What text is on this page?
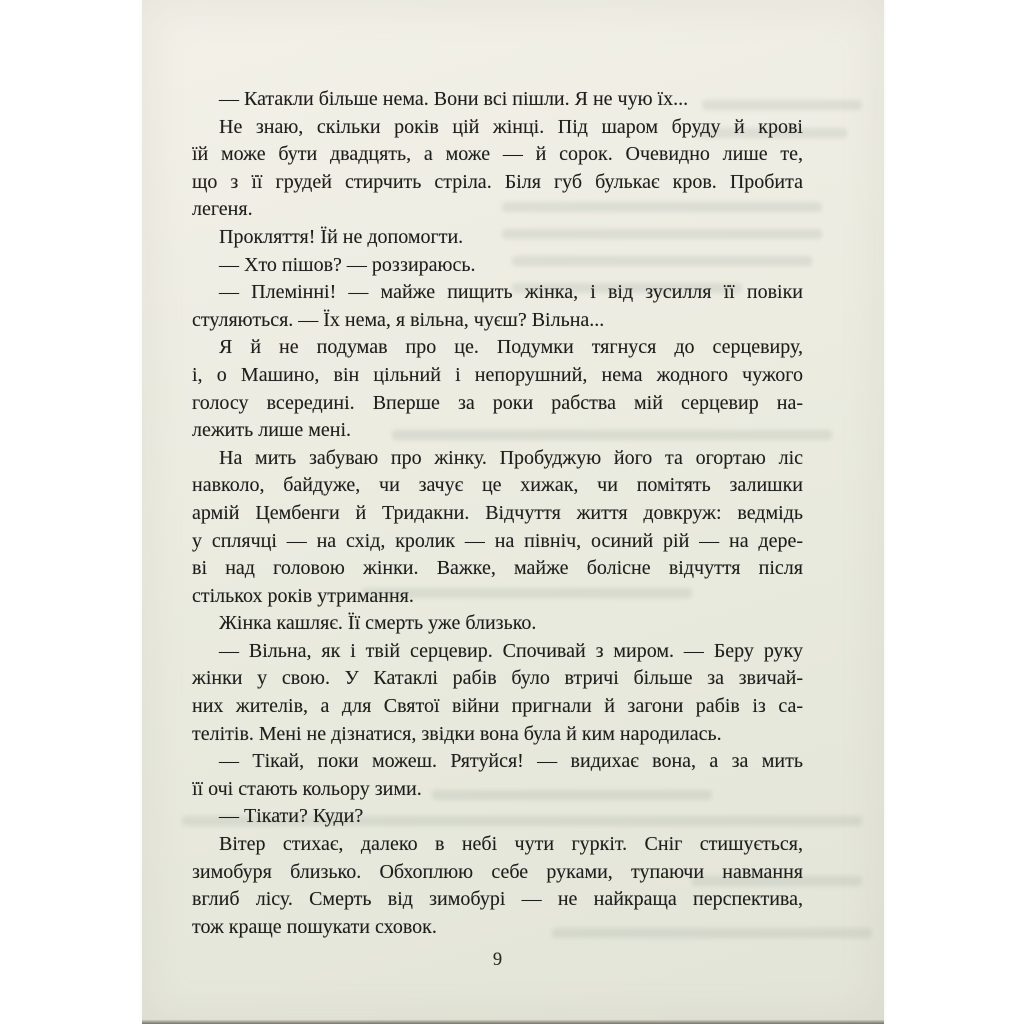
— Катакли більше нема. Вони всі пішли. Я не чую їх...
Не знаю, скільки років цій жінці. Під шаром бруду й крові
їй може бути двадцять, а може — й сорок. Очевидно лише те,
що з її грудей стирчить стріла. Біля губ булькає кров. Пробита
легеня.
Прокляття! Їй не допомогти.
— Хто пішов? — роззираюсь.
— Племінні! — майже пищить жінка, і від зусилля її повіки
стуляються. — Їх нема, я вільна, чуєш? Вільна...
Я й не подумав про це. Подумки тягнуся до серцевиру,
і, о Машино, він цільний і непорушний, нема жодного чужого
голосу всередині. Вперше за роки рабства мій серцевир на-
лежить лише мені.
На мить забуваю про жінку. Пробуджую його та огортаю ліс
навколо, байдуже, чи зачує це хижак, чи помітять залишки
армій Цембенги й Тридакни. Відчуття життя довкруж: ведмідь
у сплячці — на схід, кролик — на північ, осиний рій — на дере-
ві над головою жінки. Важке, майже болісне відчуття після
стількох років утримання.
Жінка кашляє. Її смерть уже близько.
— Вільна, як і твій серцевир. Спочивай з миром. — Беру руку
жінки у свою. У Катаклі рабів було втричі більше за звичай-
них жителів, а для Святої війни пригнали й загони рабів із са-
телітів. Мені не дізнатися, звідки вона була й ким народилась.
— Тікай, поки можеш. Рятуйся! — видихає вона, а за мить
її очі стають кольору зими.
— Тікати? Куди?
Вітер стихає, далеко в небі чути гуркіт. Сніг стишується,
зимобуря близько. Обхоплюю себе руками, тупаючи навмання
вглиб лісу. Смерть від зимобурі — не найкраща перспектива,
тож краще пошукати сховок.
9
